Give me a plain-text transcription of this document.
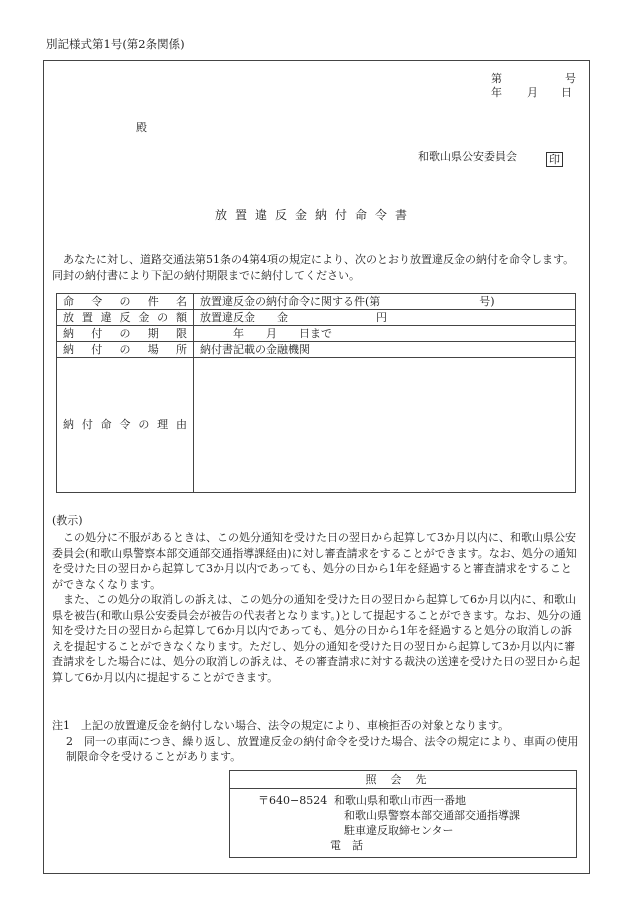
別記様式第1号(第2条関係)
第	号
年 月 日
殿
和歌山県公安委員会	印
放置違反金納付命令書

あなたに対し、道路交通法第51条の4第4項の規定により、次のとおり放置違反金の納付を命令します。同封の納付書により下記の納付期限までに納付してください。

命令の件名	放置違反金の納付命令に関する件(第　　　　　　　　　号)
放置違反金の額	放置違反金　　金　　　　　　　　円
納付の期限	　　　年　　月　　日まで
納付の場所	納付書記載の金融機関
納付命令の理由	
(教示)

この処分に不服があるときは、この処分通知を受けた日の翌日から起算して3か月以内に、和歌山県公安委員会(和歌山県警察本部交通部交通指導課経由)に対し審査請求をすることができます。なお、処分の通知を受けた日の翌日から起算して3か月以内であっても、処分の日から1年を経過すると審査請求をすることができなくなります。

また、この処分の取消しの訴えは、この処分の通知を受けた日の翌日から起算して6か月以内に、和歌山県を被告(和歌山県公安委員会が被告の代表者となります。)として提起することができます。なお、処分の通知を受けた日の翌日から起算して6か月以内であっても、処分の日から1年を経過すると処分の取消しの訴えを提起することができなくなります。ただし、処分の通知を受けた日の翌日から起算して3か月以内に審査請求をした場合には、処分の取消しの訴えは、その審査請求に対する裁決の送達を受けた日の翌日から起算して6か月以内に提起することができます。

注1　上記の放置違反金を納付しない場合、法令の規定により、車検拒否の対象となります。
2　同一の車両につき、繰り返し、放置違反金の納付命令を受けた場合、法令の規定により、車両の使用制限命令を受けることがあります。
照会先
〒640−8524 和歌山県和歌山市西一番地
和歌山県警察本部交通部交通指導課
駐車違反取締センター
電　話
